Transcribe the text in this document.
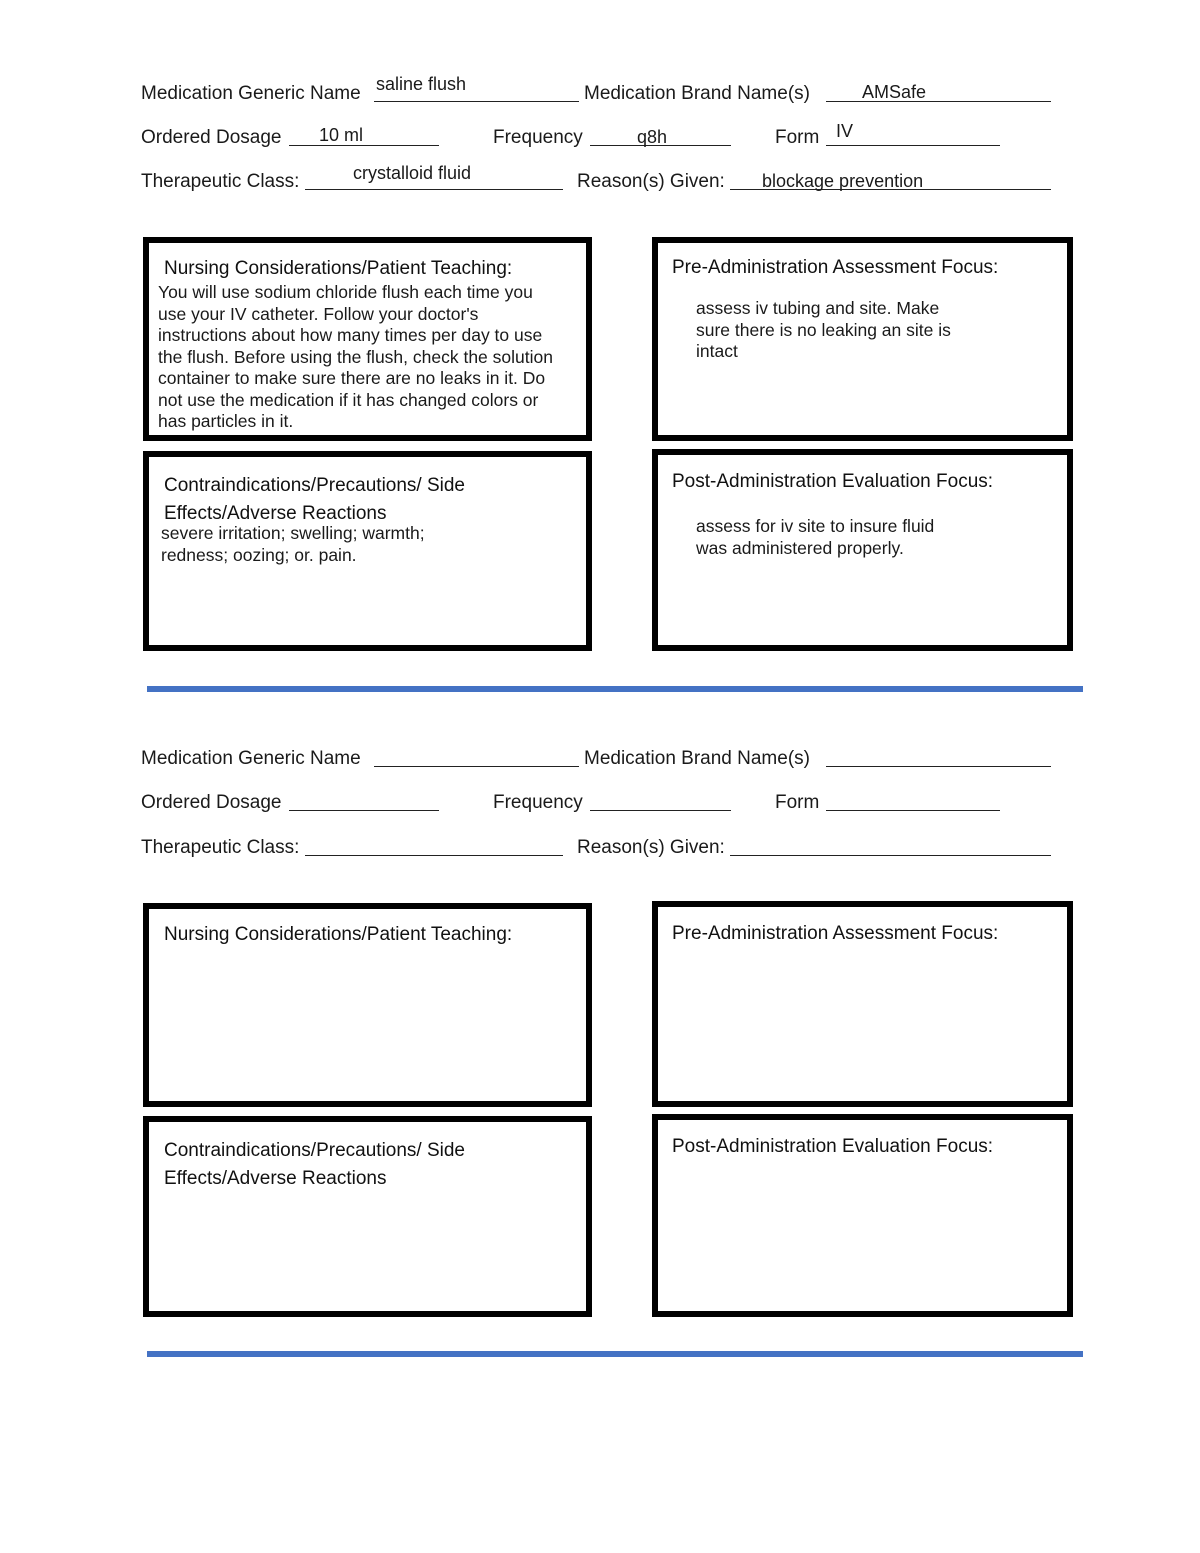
Medication Generic Name saline flush	Medication Brand Name(s)	AMSafe
Ordered Dosage 10 ml	Frequency	q8h	Form IV
Therapeutic Class:	crystalloid fluid	Reason(s) Given: blockage prevention
Nursing Considerations/Patient Teaching:
You will use sodium chloride flush each time you
use your IV catheter. Follow your doctor's
instructions about how many times per day to use
the flush. Before using the flush, check the solution
container to make sure there are no leaks in it. Do
not use the medication if it has changed colors or
has particles in it.
Pre-Administration Assessment Focus:
assess iv tubing and site. Make
sure there is no leaking an site is
intact
Contraindications/Precautions/ Side
Effects/Adverse Reactions
severe irritation; swelling; warmth;
redness; oozing; or. pain.
Post-Administration Evaluation Focus:
assess for iv site to insure fluid
was administered properly.
Medication Generic Name	Medication Brand Name(s)
Ordered Dosage	Frequency	Form
Therapeutic Class:	Reason(s) Given:
Nursing Considerations/Patient Teaching:	Pre-Administration Assessment Focus:
Contraindications/Precautions/ Side
Effects/Adverse Reactions
Post-Administration Evaluation Focus:
